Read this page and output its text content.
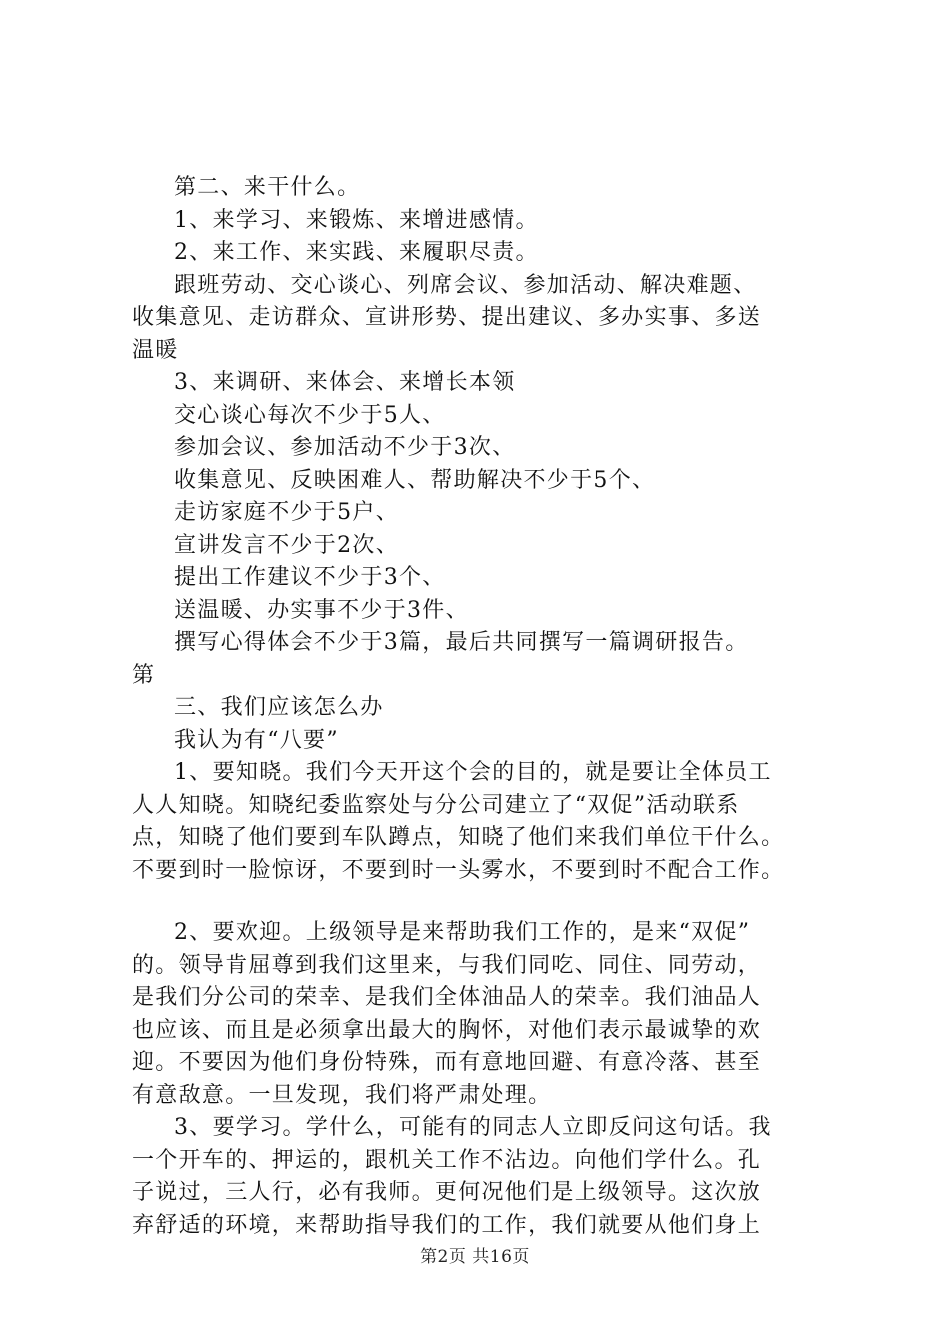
第二、来干什么。
1、来学习、来锻炼、来增进感情。
2、来工作、来实践、来履职尽责。
跟班劳动、交心谈心、列席会议、参加活动、解决难题、
收集意见、走访群众、宣讲形势、提出建议、多办实事、多送
温暖
3、来调研、来体会、来增长本领
交心谈心每次不少于5人、
参加会议、参加活动不少于3次、
收集意见、反映困难人、帮助解决不少于5个、
走访家庭不少于5户、
宣讲发言不少于2次、
提出工作建议不少于3个、
送温暖、办实事不少于3件、
撰写心得体会不少于3篇，最后共同撰写一篇调研报告。
第
三、我们应该怎么办
我认为有“八要”
1、要知晓。我们今天开这个会的目的，就是要让全体员工
人人知晓。知晓纪委监察处与分公司建立了“双促”活动联系
点，知晓了他们要到车队蹲点，知晓了他们来我们单位干什么。
不要到时一脸惊讶，不要到时一头雾水，不要到时不配合工作。
2、要欢迎。上级领导是来帮助我们工作的，是来“双促”
的。领导肯屈尊到我们这里来，与我们同吃、同住、同劳动，
是我们分公司的荣幸、是我们全体油品人的荣幸。我们油品人
也应该、而且是必须拿出最大的胸怀，对他们表示最诚挚的欢
迎。不要因为他们身份特殊，而有意地回避、有意冷落、甚至
有意敌意。一旦发现，我们将严肃处理。
3、要学习。学什么，可能有的同志人立即反问这句话。我
一个开车的、押运的，跟机关工作不沾边。向他们学什么。孔
子说过，三人行，必有我师。更何况他们是上级领导。这次放
弃舒适的环境，来帮助指导我们的工作，我们就要从他们身上
第2页 共16页
